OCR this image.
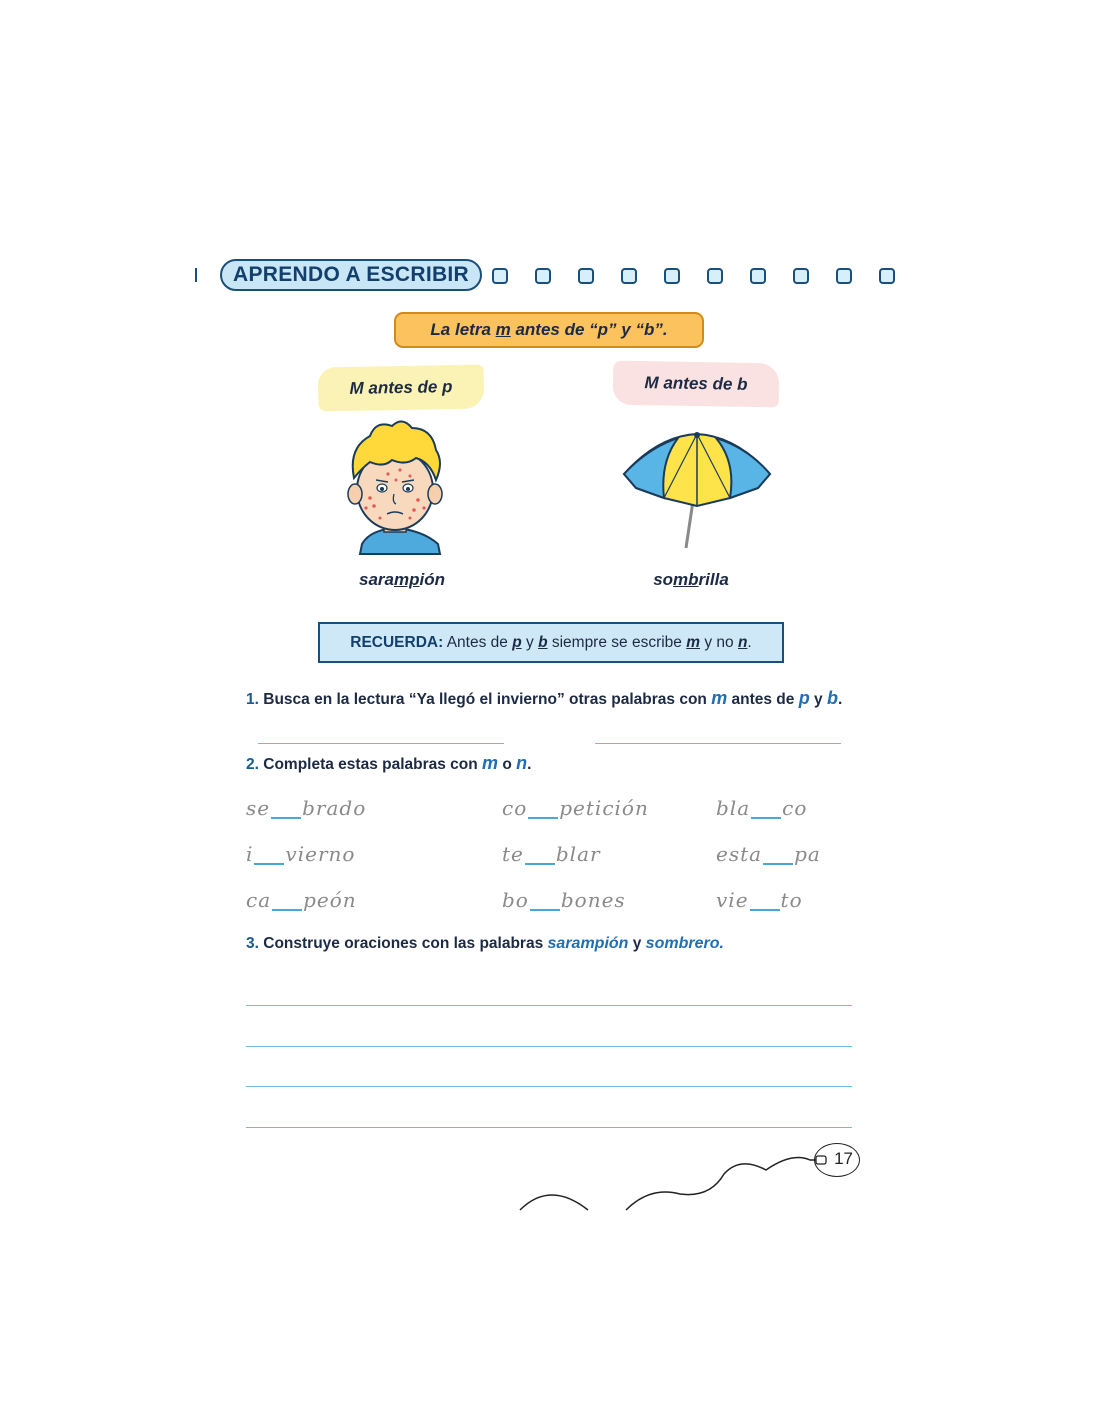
APRENDO A ESCRIBIR
La letra m antes de “p” y “b”.
M antes de p	M antes de b
sarampión	sombrilla
RECUERDA: Antes de p y b siempre se escribe m y no n.
1. Busca en la lectura “Ya llegó el invierno” otras palabras con m antes de p y b.
2. Completa estas palabras con m o n.
se brado	co petición	bla co
i vierno	te blar	esta pa
ca peón	bo bones	vie to
3. Construye oraciones con las palabras sarampión y sombrero.
17
